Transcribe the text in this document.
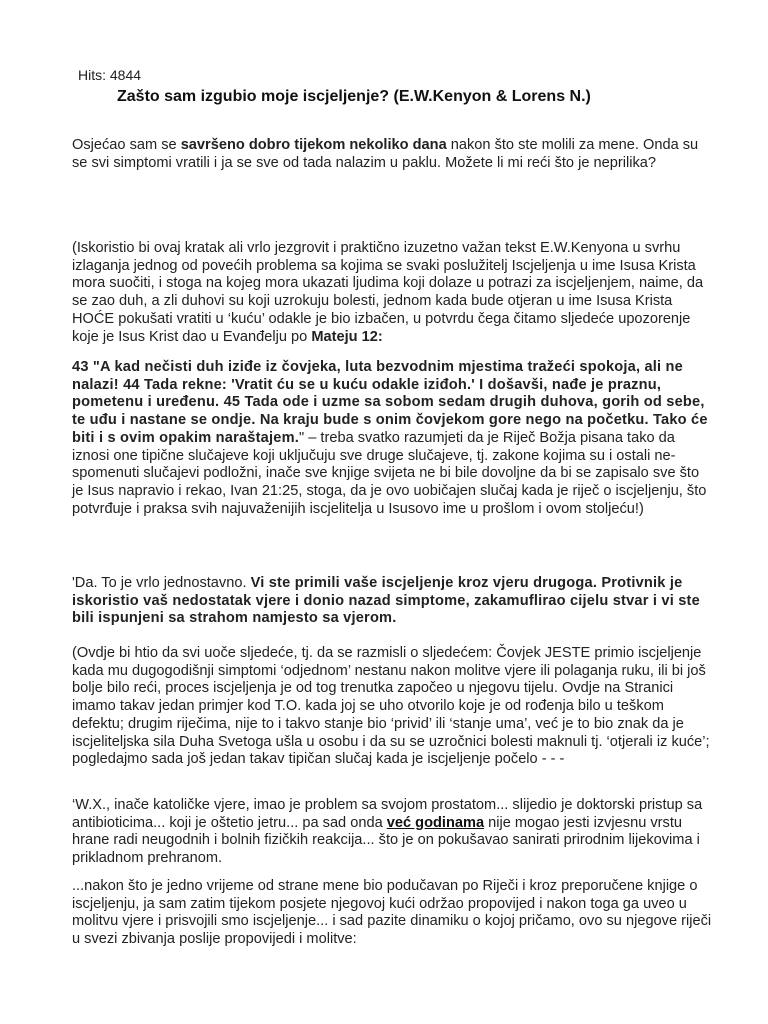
Hits: 4844
Zašto sam izgubio moje iscjeljenje? (E.W.Kenyon & Lorens N.)

Osjećao sam se savršeno dobro tijekom nekoliko dana nakon što ste molili za mene. Onda su se svi simptomi vratili i ja se sve od tada nalazim u paklu. Možete li mi reći što je neprilika?

(Iskoristio bi ovaj kratak ali vrlo jezgrovit i praktično izuzetno važan tekst E.W.Kenyona u svrhu izlaganja jednog od povećih problema sa kojima se svaki poslužitelj Iscjeljenja u ime Isusa Krista mora suočiti, i stoga na kojeg mora ukazati ljudima koji dolaze u potrazi za iscjeljenjem, naime, da se zao duh, a zli duhovi su koji uzrokuju bolesti, jednom kada bude otjeran u ime Isusa Krista HOĆE pokušati vratiti u ‘kuću’ odakle je bio izbačen, u potvrdu čega čitamo sljedeće upozorenje koje je Isus Krist dao u Evanđelju po Mateju 12:

43 "A kad nečisti duh iziđe iz čovjeka, luta bezvodnim mjestima tražeći spokoja, ali ne nalazi! 44 Tada rekne: 'Vratit ću se u kuću odakle iziđoh.' I došavši, nađe je praznu, pometenu i uređenu. 45 Tada ode i uzme sa sobom sedam drugih duhova, gorih od sebe, te uđu i nastane se ondje. Na kraju bude s onim čovjekom gore nego na početku. Tako će biti i s ovim opakim naraštajem." – treba svatko razumjeti da je Riječ Božja pisana tako da iznosi one tipične slučajeve koji uključuju sve druge slučajeve, tj. zakone kojima su i ostali ne-spomenuti slučajevi podložni, inače sve knjige svijeta ne bi bile dovoljne da bi se zapisalo sve što je Isus napravio i rekao, Ivan 21:25, stoga, da je ovo uobičajen slučaj kada je riječ o iscjeljenju, što potvrđuje i praksa svih najuvaženijih iscjelitelja u Isusovo ime u prošlom i ovom stoljeću!)

'Da. To je vrlo jednostavno. Vi ste primili vaše iscjeljenje kroz vjeru drugoga. Protivnik je iskoristio vaš nedostatak vjere i donio nazad simptome, zakamuflirao cijelu stvar i vi ste bili ispunjeni sa strahom namjesto sa vjerom.

(Ovdje bi htio da svi uoče sljedeće, tj. da se razmisli o sljedećem: Čovjek JESTE primio iscjeljenje kada mu dugogodišnji simptomi ‘odjednom’ nestanu nakon molitve vjere ili polaganja ruku, ili bi još bolje bilo reći, proces iscjeljenja je od tog trenutka započeo u njegovu tijelu. Ovdje na Stranici imamo takav jedan primjer kod T.O. kada joj se uho otvorilo koje je od rođenja bilo u teškom defektu; drugim riječima, nije to i takvo stanje bio ‘privid’ ili ‘stanje uma’, već je to bio znak da je iscjeliteljska sila Duha Svetoga ušla u osobu i da su se uzročnici bolesti maknuli tj. ‘otjerali iz kuće’; pogledajmo sada još jedan takav tipičan slučaj kada je iscjeljenje počelo - - -

‘W.X., inače katoličke vjere, imao je problem sa svojom prostatom... slijedio je doktorski pristup sa antibioticima... koji je oštetio jetru... pa sad onda već godinama nije mogao jesti izvjesnu vrstu hrane radi neugodnih i bolnih fizičkih reakcija... što je on pokušavao sanirati prirodnim lijekovima i prikladnom prehranom.

...nakon što je jedno vrijeme od strane mene bio podučavan po Riječi i kroz preporučene knjige o iscjeljenju, ja sam zatim tijekom posjete njegovoj kući održao propovijed i nakon toga ga uveo u molitvu vjere i prisvojili smo iscjeljenje... i sad pazite dinamiku o kojoj pričamo, ovo su njegove riječi u svezi zbivanja poslije propovijedi i molitve:
